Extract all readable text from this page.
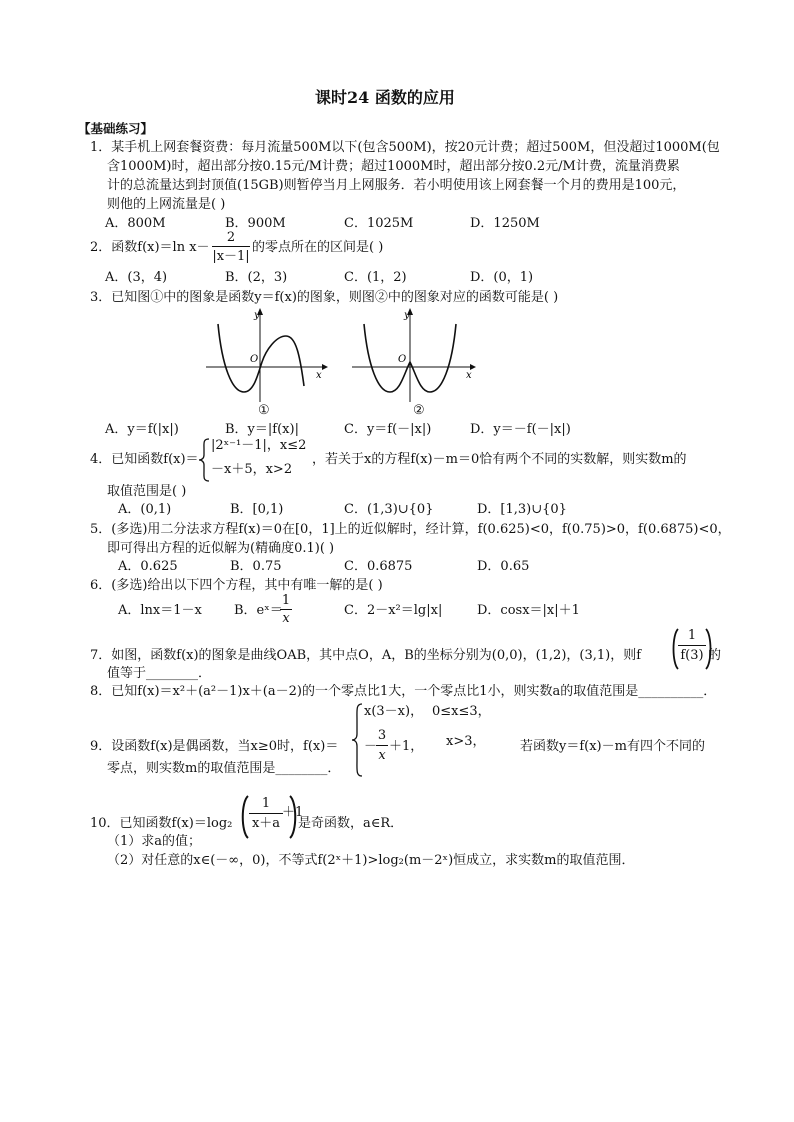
课时24 函数的应用
【基础练习】
1．某手机上网套餐资费：每月流量500M以下(包含500M)，按20元计费；超过500M，但没超过1000M(包
含1000M)时，超出部分按0.15元/M计费；超过1000M时，超出部分按0.2元/M计费，流量消费累
计的总流量达到封顶值(15GB)则暂停当月上网服务．若小明使用该上网套餐一个月的费用是100元，
则他的上网流量是( )
A．800M	B．900M	C．1025M	D．1250M
2．函数f(x)＝ln x－
2
|x－1|
的零点所在的区间是( )
A．(3，4)	B．(2，3)	C．(1，2)	D．(0，1)
3．已知图①中的图象是函数y＝f(x)的图象，则图②中的图象对应的函数可能是( )
O
y
x
①
O
y
x
②
A．y＝f(|x|)	B．y＝|f(x)|	C．y＝f(－|x|)	D．y＝－f(－|x|)
4．已知函数f(x)＝
|2ˣ⁻¹－1|，x≤2
－x＋5，x>2
，若关于x的方程f(x)－m＝0恰有两个不同的实数解，则实数m的
取值范围是( )
A．(0,1)	B．[0,1)	C．(1,3)∪{0}	D．[1,3)∪{0}
5．(多选)用二分法求方程f(x)＝0在[0，1]上的近似解时，经计算，f(0.625)<0，f(0.75)>0，f(0.6875)<0，
即可得出方程的近似解为(精确度0.1)( )
A．0.625	B．0.75	C．0.6875	D．0.65
6．(多选)给出以下四个方程，其中有唯一解的是( )
A．lnx＝1－x B．eˣ＝
1
x
C．2－x²＝lg|x|	D．cosx＝|x|＋1
7．如图，函数f(x)的图象是曲线OAB，其中点O，A，B的坐标分别为(0,0)，(1,2)，(3,1)，则f
1
f(3) 的
值等于________．
8．已知f(x)＝x²＋(a²－1)x＋(a－2)的一个零点比1大，一个零点比1小，则实数a的取值范围是__________．
9．设函数f(x)是偶函数，当x≥0时，f(x)＝
x(3－x)， 0≤x≤3，
－
3
x
＋1， x>3，	若函数y＝f(x)－m有四个不同的
零点，则实数m的取值范围是________．
10．已知函数f(x)＝log₂
1
x＋a
＋1
是奇函数，a∈R．
（1）求a的值；
（2）对任意的x∈(－∞，0)，不等式f(2ˣ＋1)>log₂(m－2ˣ)恒成立，求实数m的取值范围．
